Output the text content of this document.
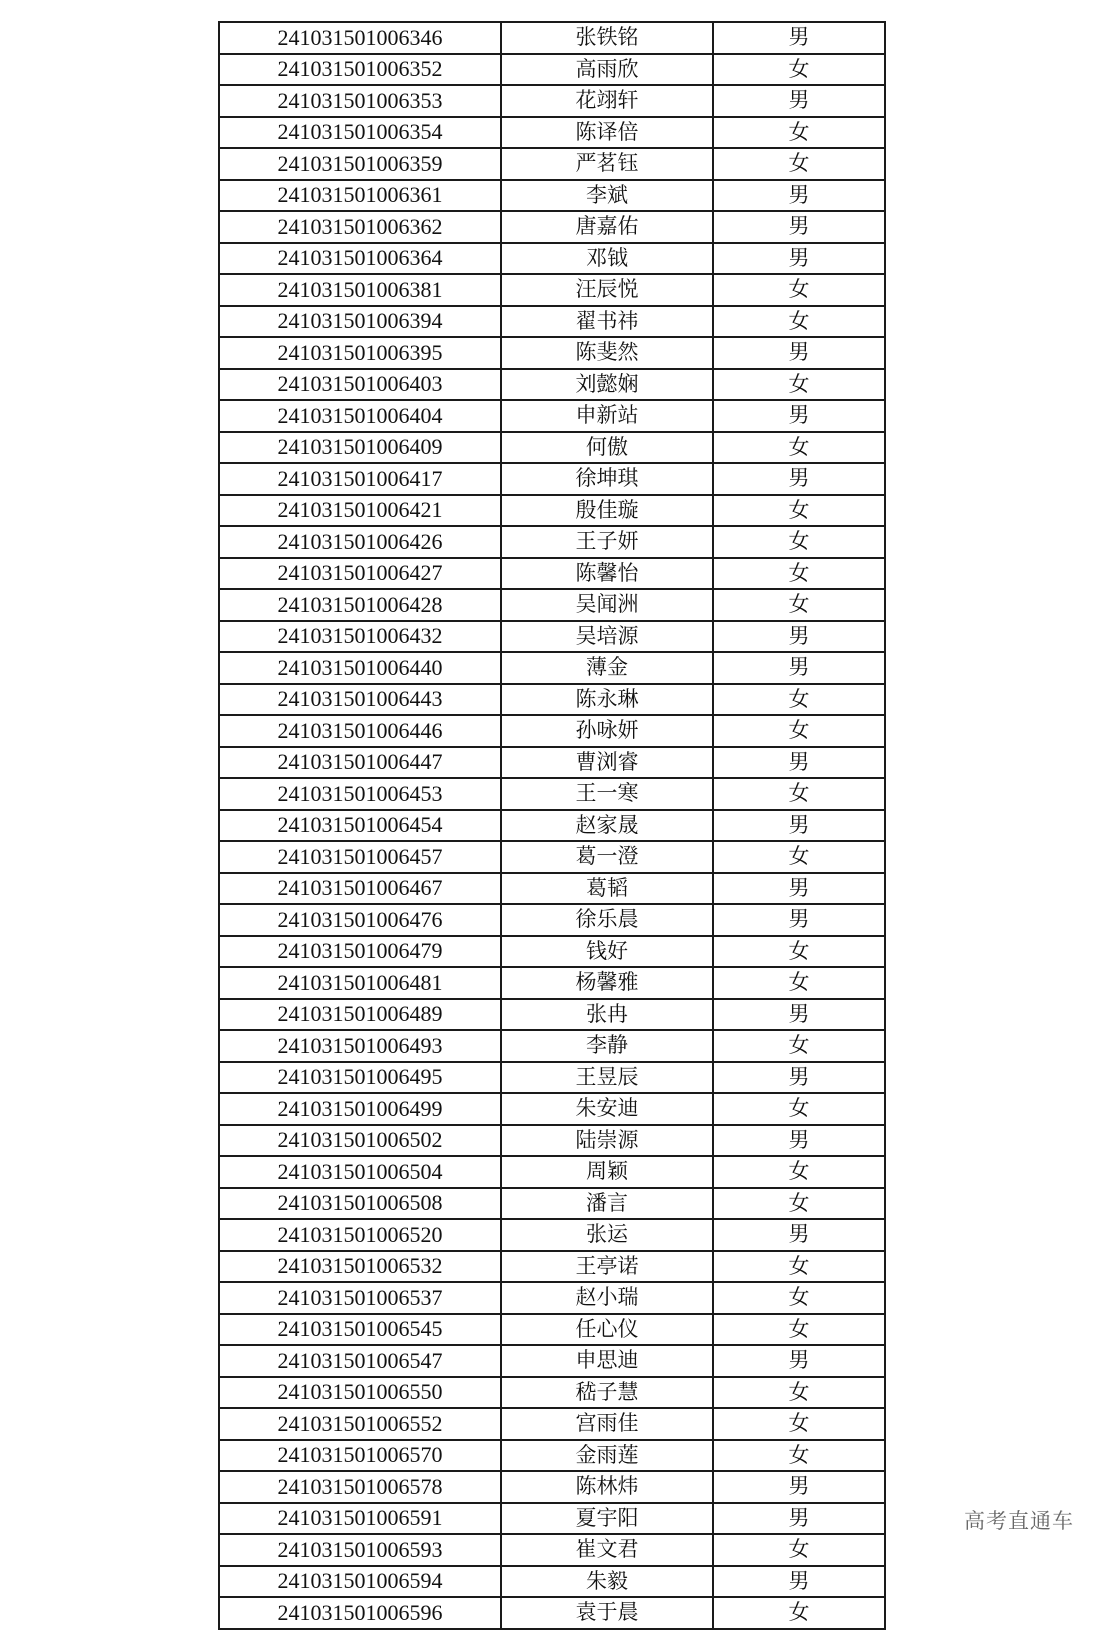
241031501006346	张铁铭	男
241031501006352	高雨欣	女
241031501006353	花翊轩	男
241031501006354	陈译倍	女
241031501006359	严茗钰	女
241031501006361	李斌	男
241031501006362	唐嘉佑	男
241031501006364	邓钺	男
241031501006381	汪辰悦	女
241031501006394	翟书祎	女
241031501006395	陈斐然	男
241031501006403	刘懿娴	女
241031501006404	申新站	男
241031501006409	何傲	女
241031501006417	徐坤琪	男
241031501006421	殷佳璇	女
241031501006426	王子妍	女
241031501006427	陈馨怡	女
241031501006428	吴闻洲	女
241031501006432	吴培源	男
241031501006440	薄金	男
241031501006443	陈永琳	女
241031501006446	孙咏妍	女
241031501006447	曹浏睿	男
241031501006453	王一寒	女
241031501006454	赵家晟	男
241031501006457	葛一澄	女
241031501006467	葛韬	男
241031501006476	徐乐晨	男
241031501006479	钱好	女
241031501006481	杨馨雅	女
241031501006489	张冉	男
241031501006493	李静	女
241031501006495	王昱辰	男
241031501006499	朱安迪	女
241031501006502	陆崇源	男
241031501006504	周颖	女
241031501006508	潘言	女
241031501006520	张运	男
241031501006532	王亭诺	女
241031501006537	赵小瑞	女
241031501006545	任心仪	女
241031501006547	申思迪	男
241031501006550	嵇子慧	女
241031501006552	宫雨佳	女
241031501006570	金雨莲	女
241031501006578	陈林炜	男
241031501006591	夏宇阳	男
241031501006593	崔文君	女
241031501006594	朱毅	男
241031501006596	袁于晨	女
高考直通车
